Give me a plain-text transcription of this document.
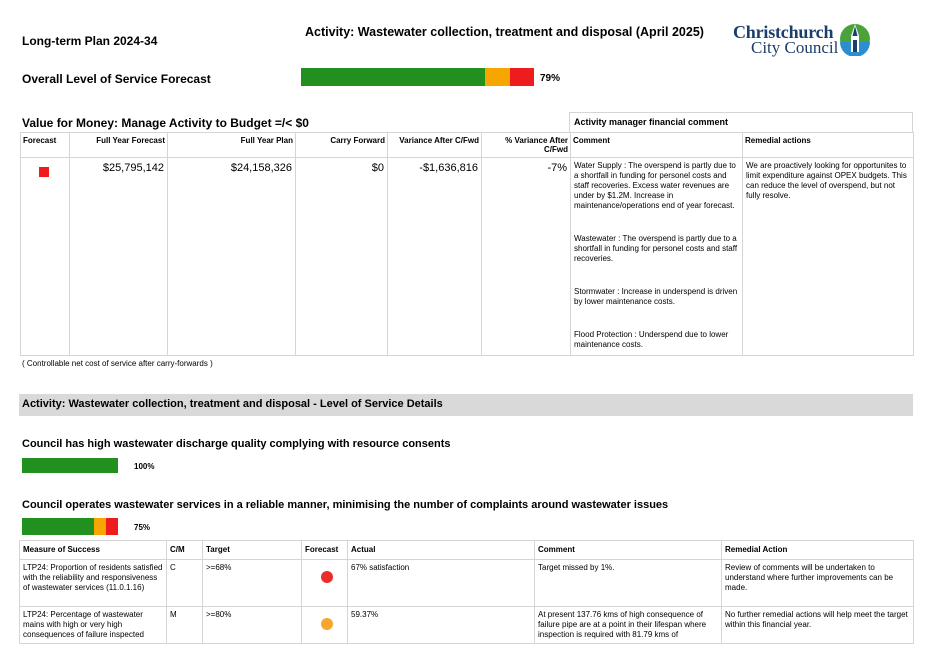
Long-term Plan 2024-34
Activity: Wastewater collection, treatment and disposal (April 2025) Christchurch
City Council
Overall Level of Service Forecast	79%
Value for Money: Manage Activity to Budget =/< $0	Activity manager financial comment
Forecast	Full Year Forecast	Full Year Plan	Carry Forward	Variance After C/Fwd	% Variance After C/Fwd	Comment	Remedial actions
	$25,795,142	$24,158,326	$0	-$1,636,816	-7%	Water Supply : The overspend is partly due to a shortfall in funding for personel costs and staff recoveries. Excess water revenues are under by $1.2M. Increase in maintenance/operations end of year forecast.

Wastewater : The overspend is partly due to a shortfall in funding for personel costs and staff recoveries.

Stormwater : Increase in underspend is driven by lower maintenance costs.

Flood Protection : Underspend due to lower maintenance costs.	We are proactively looking for opportunites to limit expenditure against OPEX budgets. This can reduce the level of overspend, but not fully resolve.
( Controllable net cost of service after carry-forwards )
Activity: Wastewater collection, treatment and disposal - Level of Service Details
Council has high wastewater discharge quality complying with resource consents
100%
Council operates wastewater services in a reliable manner, minimising the number of complaints around wastewater issues
75%
Measure of Success	C/M	Target	Forecast	Actual	Comment	Remedial Action
LTP24: Proportion of residents satisfied with the reliability and responsiveness of wastewater services (11.0.1.16)	C	>=68%		67% satisfaction	Target missed by 1%.	Review of comments will be undertaken to understand where further improvements can be made.
LTP24: Percentage of wastewater mains with high or very high consequences of failure inspected	M	>=80%		59.37%	At present 137.76 kms of high consequence of failure pipe are at a point in their lifespan where inspection is required with 81.79 kms of	No further remedial actions will help meet the target within this financial year.
